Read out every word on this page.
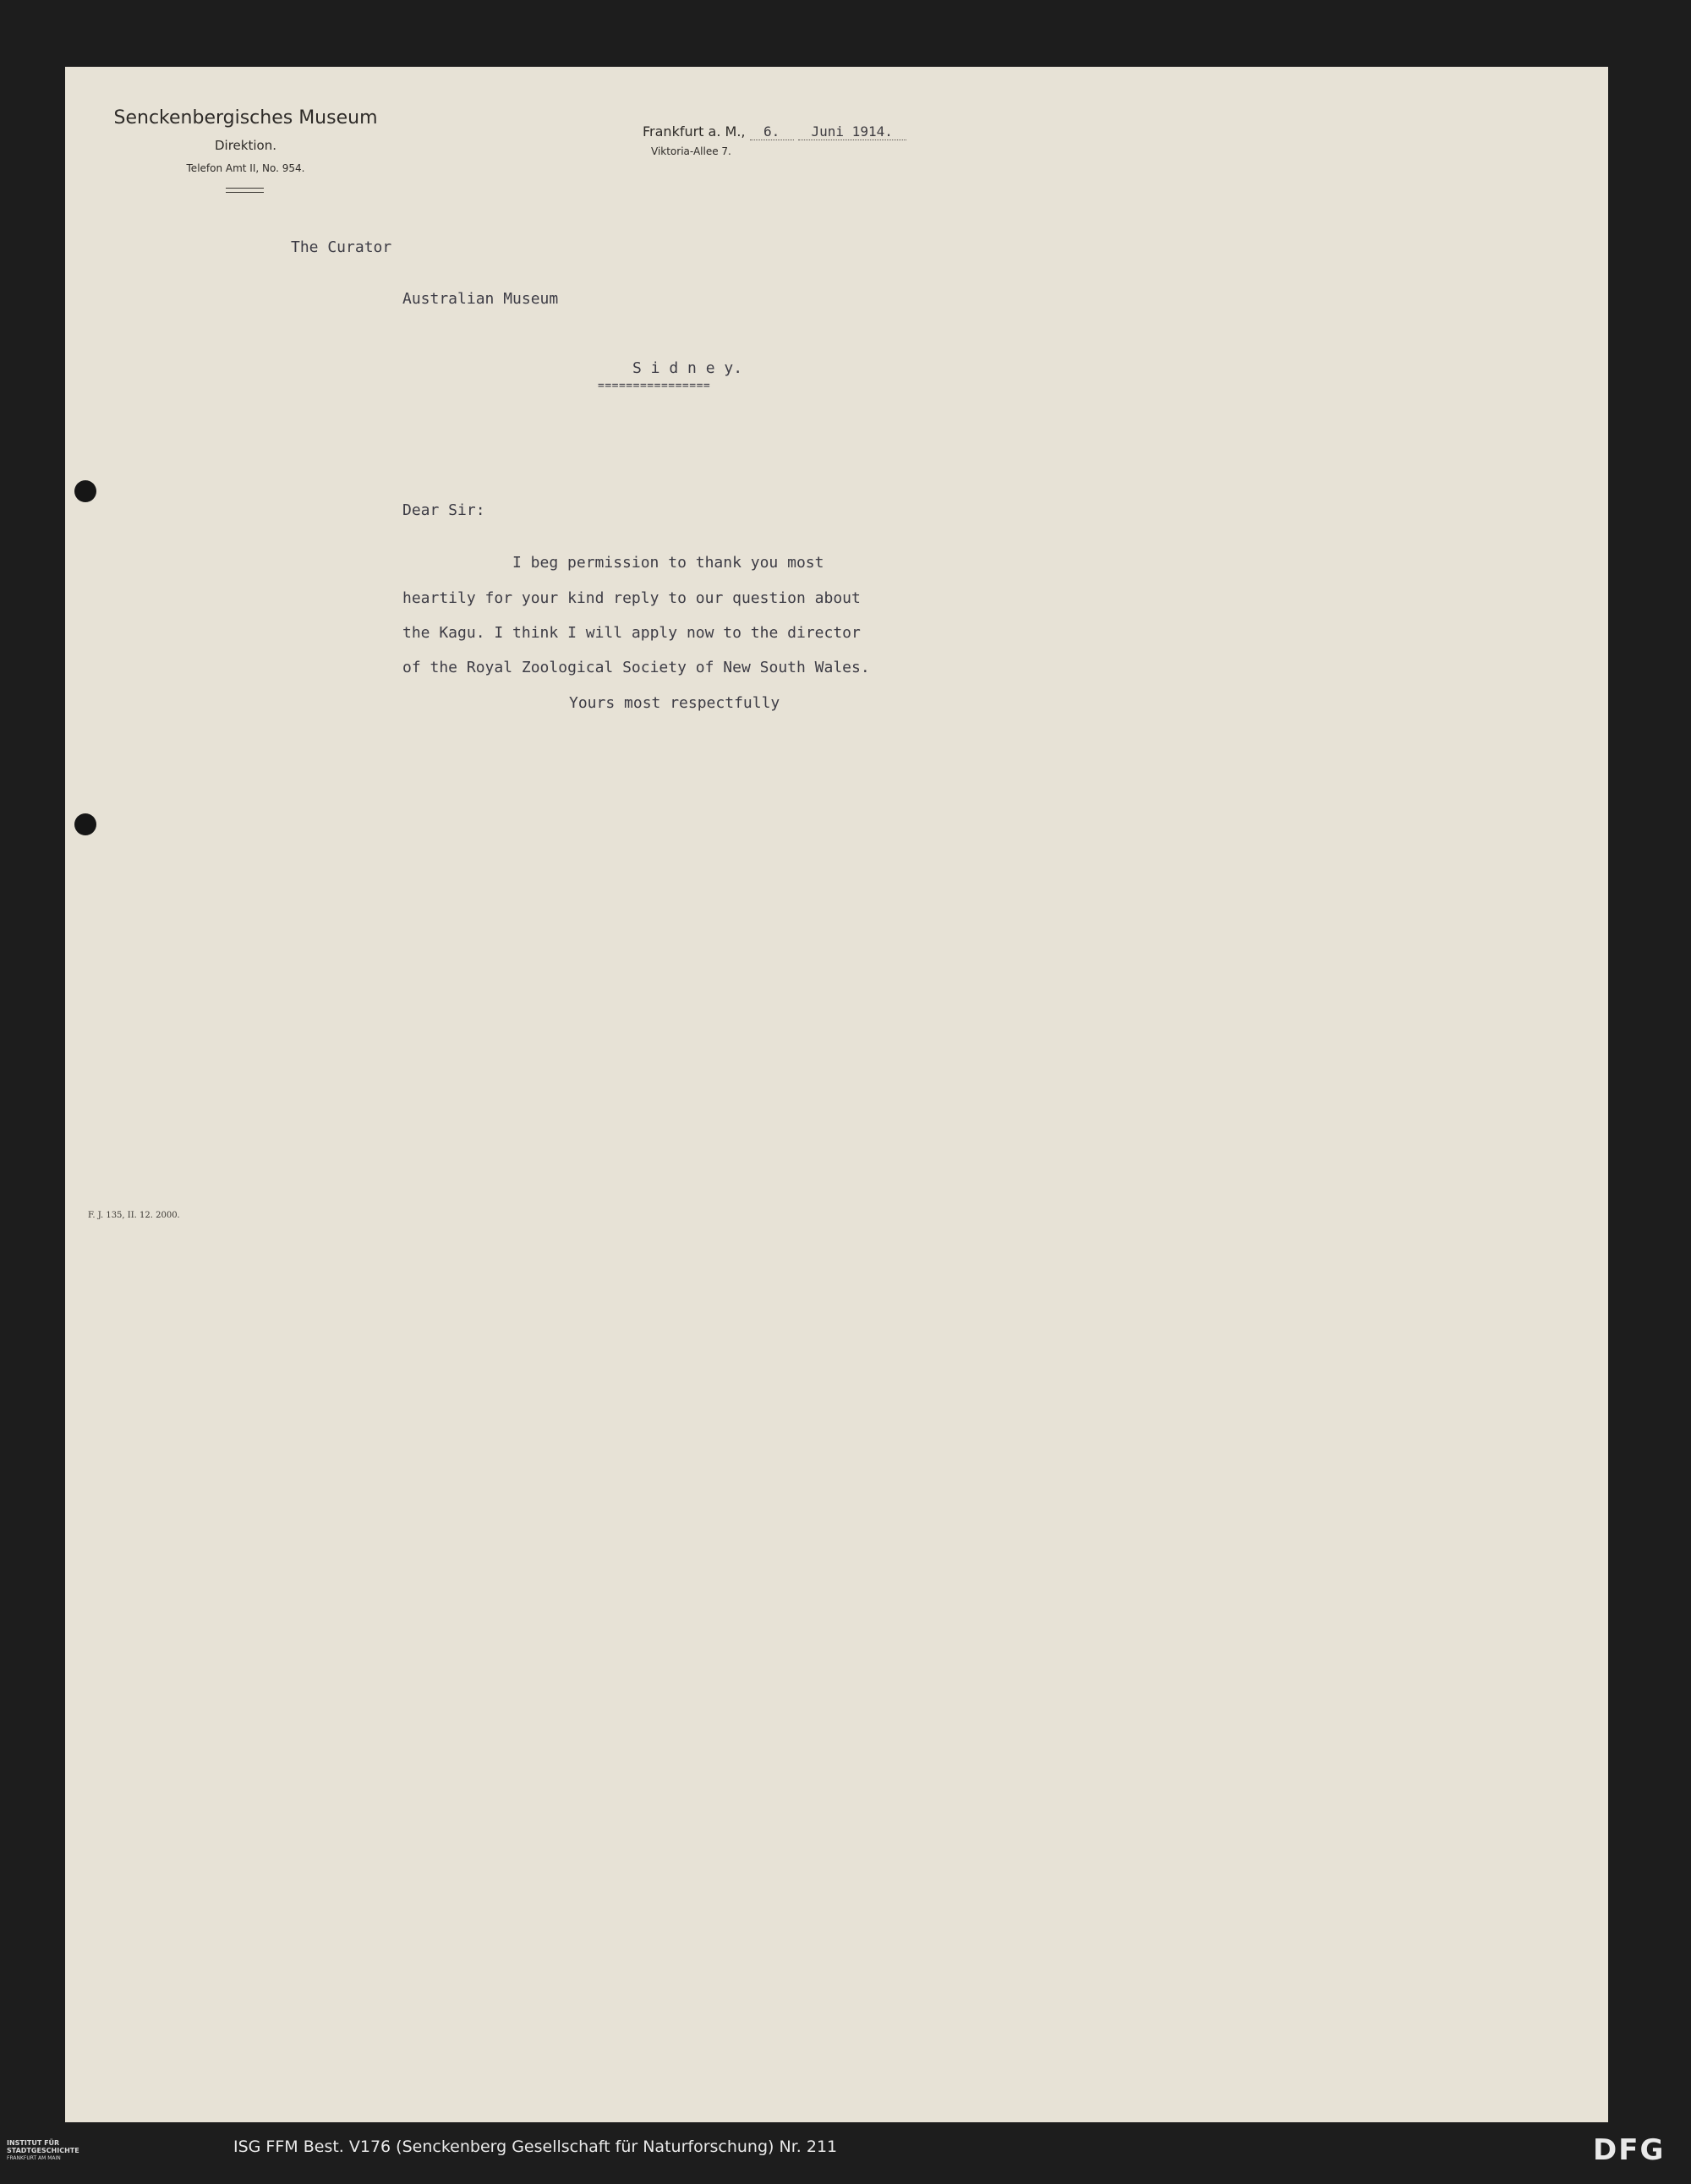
Senckenbergisches Museum
Direktion.
Telefon Amt II, No. 954.
Frankfurt a. M., 6. Juni 1914.
Viktoria-Allee 7.
The Curator
Australian Museum
S i d n e y.
================
Dear Sir:
I beg permission to thank you most
heartily for your kind reply to our question about
the Kagu. I think I will apply now to the director
of the Royal Zoological Society of New South Wales.
Yours most respectfully
F. J. 135, II. 12. 2000.
INSTITUT FÜR
STADTGESCHICHTE
FRANKFURT AM MAIN
ISG FFM Best. V176 (Senckenberg Gesellschaft für Naturforschung) Nr. 211	DFG
